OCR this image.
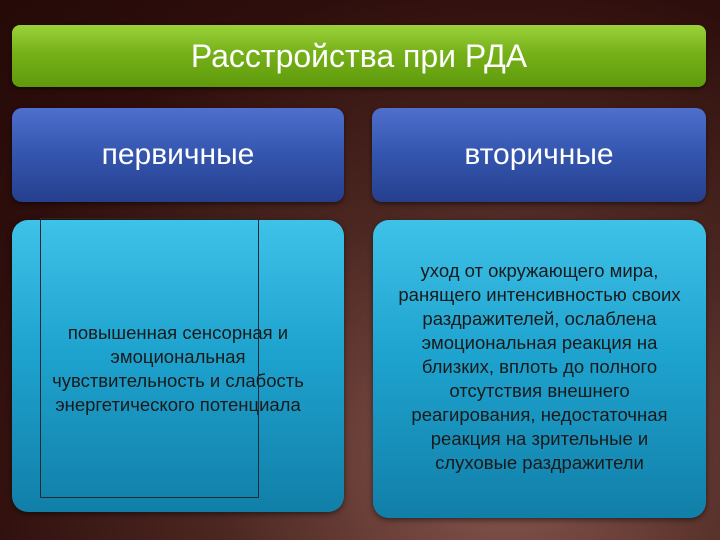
Расстройства при РДА
первичные	вторичные
повышенная сенсорная и эмоциональная чувствительность и слабость энергетического потенциала
уход от окружающего мира, ранящего интенсивностью своих раздражителей, ослаблена эмоциональная реакция на близких, вплоть до полного отсутствия внешнего реагирования, недостаточная реакция на зрительные и слуховые раздражители
